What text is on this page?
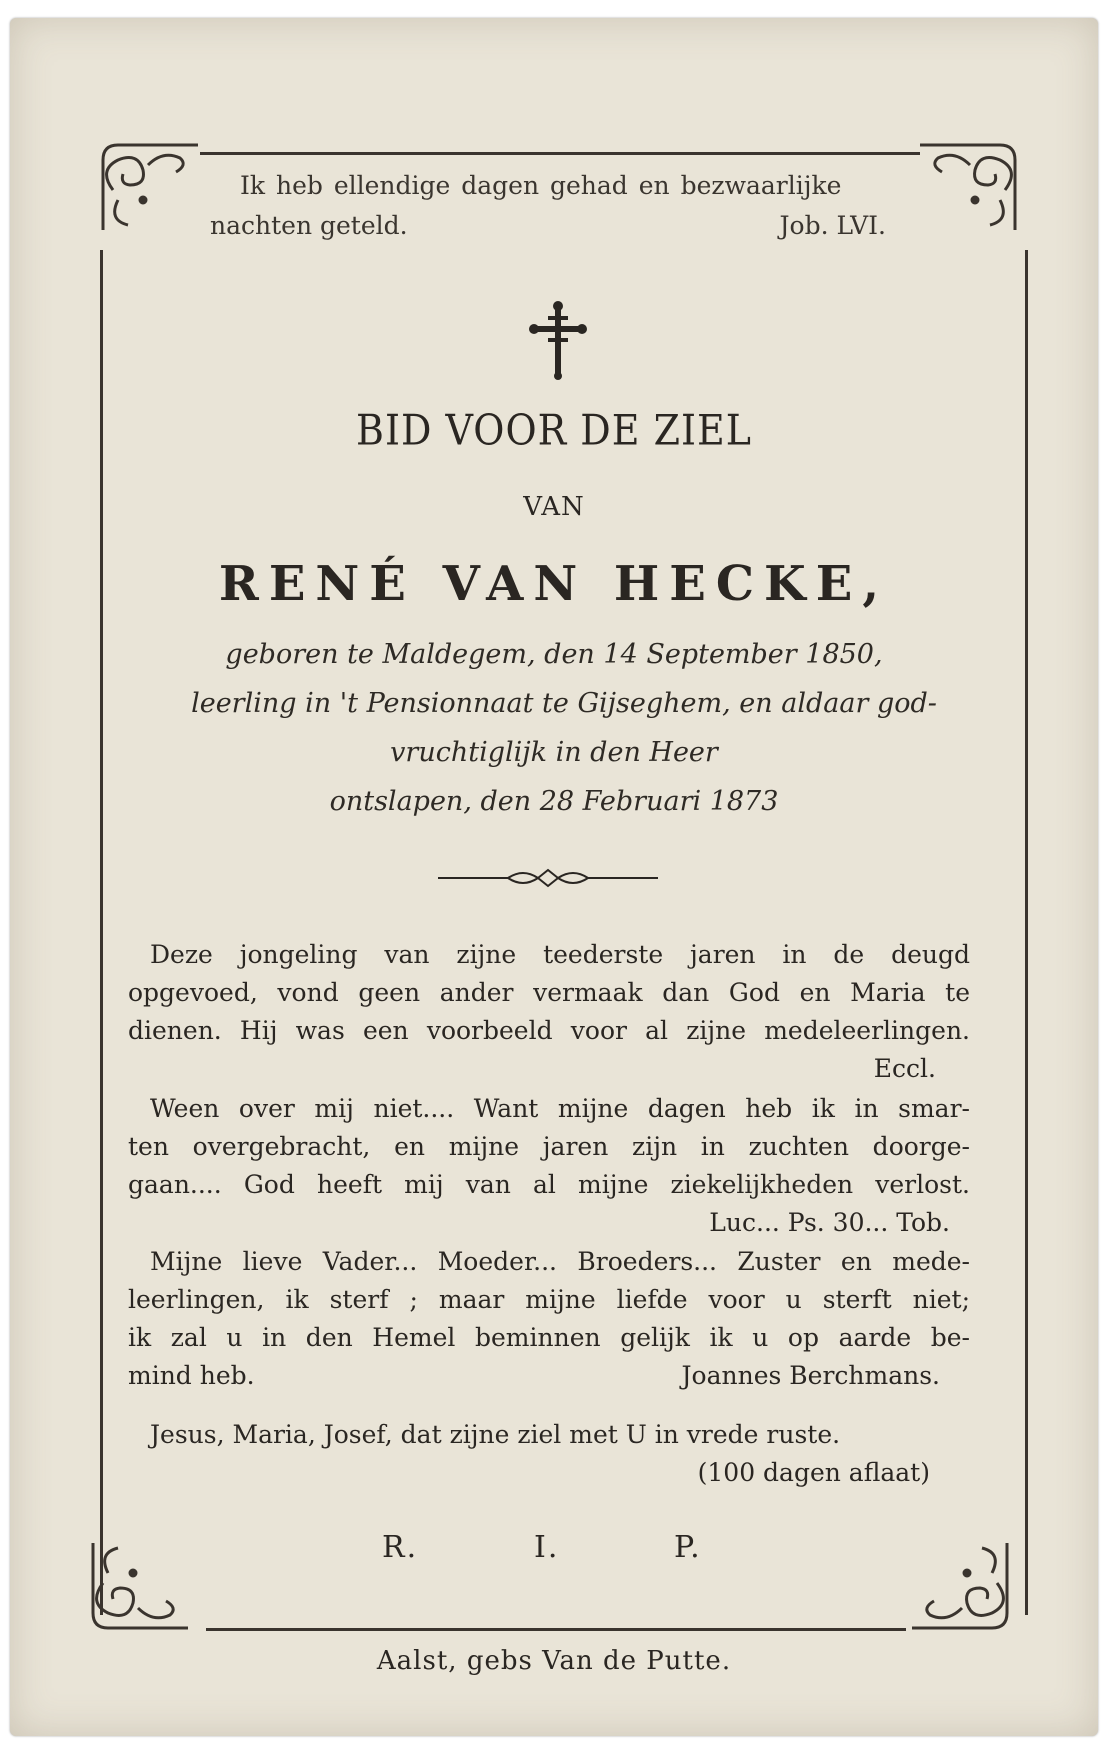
Ik heb ellendige dagen gehad en bezwaarlijke
nachten geteld.	Job. LVI.
BID VOOR DE ZIEL
VAN
RENÉ VAN HECKE,
geboren te Maldegem, den 14 September 1850,
leerling in 't Pensionnaat te Gijseghem, en aldaar god-
vruchtiglijk in den Heer
ontslapen, den 28 Februari 1873
Deze jongeling van zijne teederste jaren in de deugd
opgevoed, vond geen ander vermaak dan God en Maria te
dienen. Hij was een voorbeeld voor al zijne medeleerlingen.
Eccl.
Ween over mij niet.... Want mijne dagen heb ik in smar-
ten overgebracht, en mijne jaren zijn in zuchten doorge-
gaan.... God heeft mij van al mijne ziekelijkheden verlost.
Luc... Ps. 30... Tob.
Mijne lieve Vader... Moeder... Broeders... Zuster en mede-
leerlingen, ik sterf ; maar mijne liefde voor u sterft niet;
ik zal u in den Hemel beminnen gelijk ik u op aarde be-
mind heb.	Joannes Berchmans.
Jesus, Maria, Josef, dat zijne ziel met U in vrede ruste.
(100 dagen aflaat)
R.	I.	P.
Aalst, gebs Van de Putte.
